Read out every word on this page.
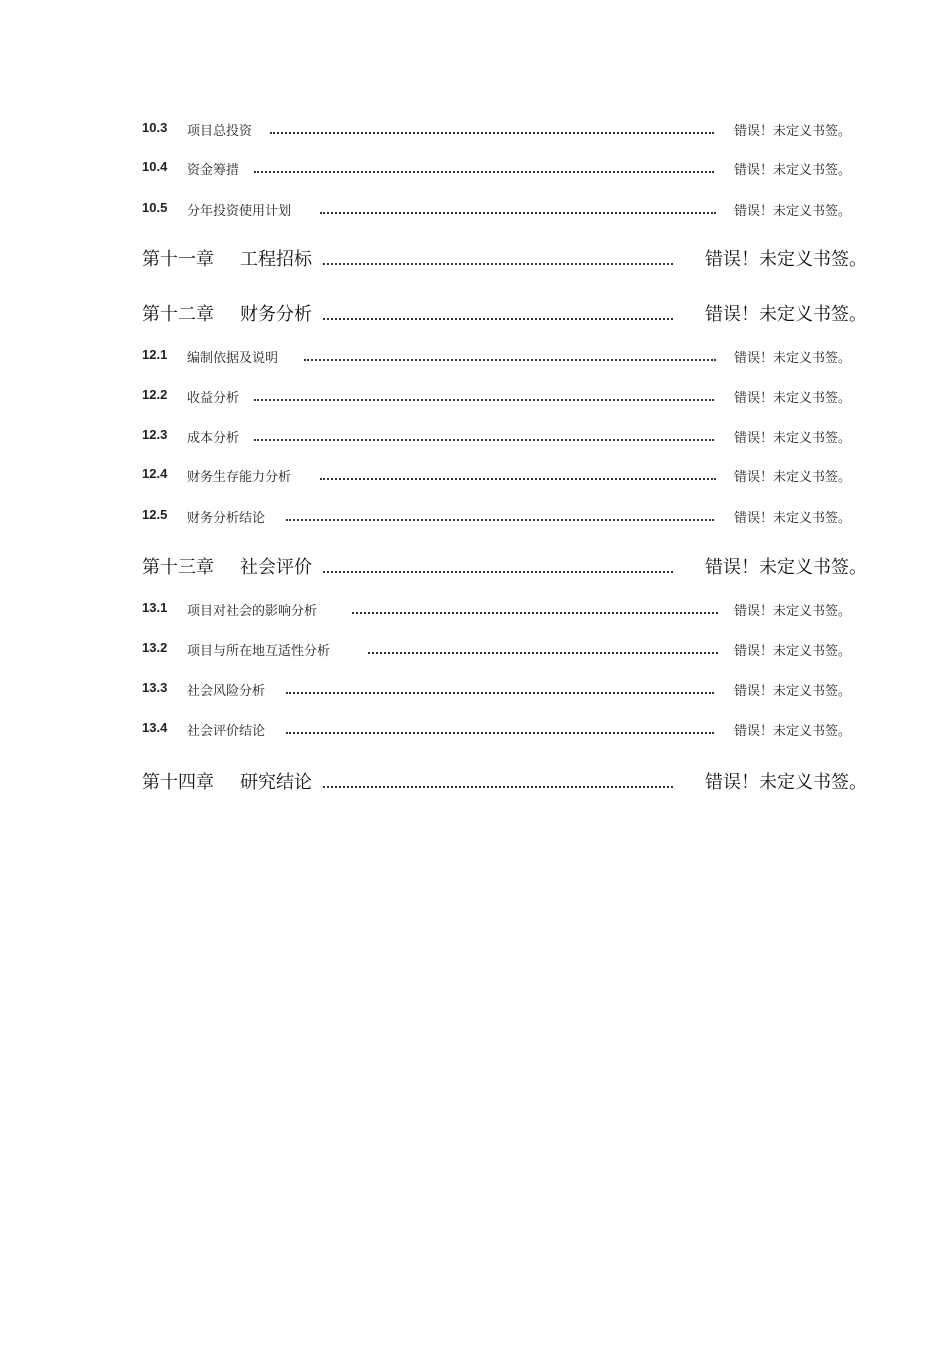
10.3 项目总投资	错误！未定义书签。
10.4 资金筹措	错误！未定义书签。
10.5 分年投资使用计划	错误！未定义书签。
第十一章 工程招标	错误！未定义书签。
第十二章 财务分析	错误！未定义书签。
12.1 编制依据及说明	错误！未定义书签。
12.2 收益分析	错误！未定义书签。
12.3 成本分析	错误！未定义书签。
12.4 财务生存能力分析	错误！未定义书签。
12.5 财务分析结论	错误！未定义书签。
第十三章 社会评价	错误！未定义书签。
13.1 项目对社会的影响分析	错误！未定义书签。
13.2 项目与所在地互适性分析	错误！未定义书签。
13.3 社会风险分析	错误！未定义书签。
13.4 社会评价结论	错误！未定义书签。
第十四章 研究结论	错误！未定义书签。
